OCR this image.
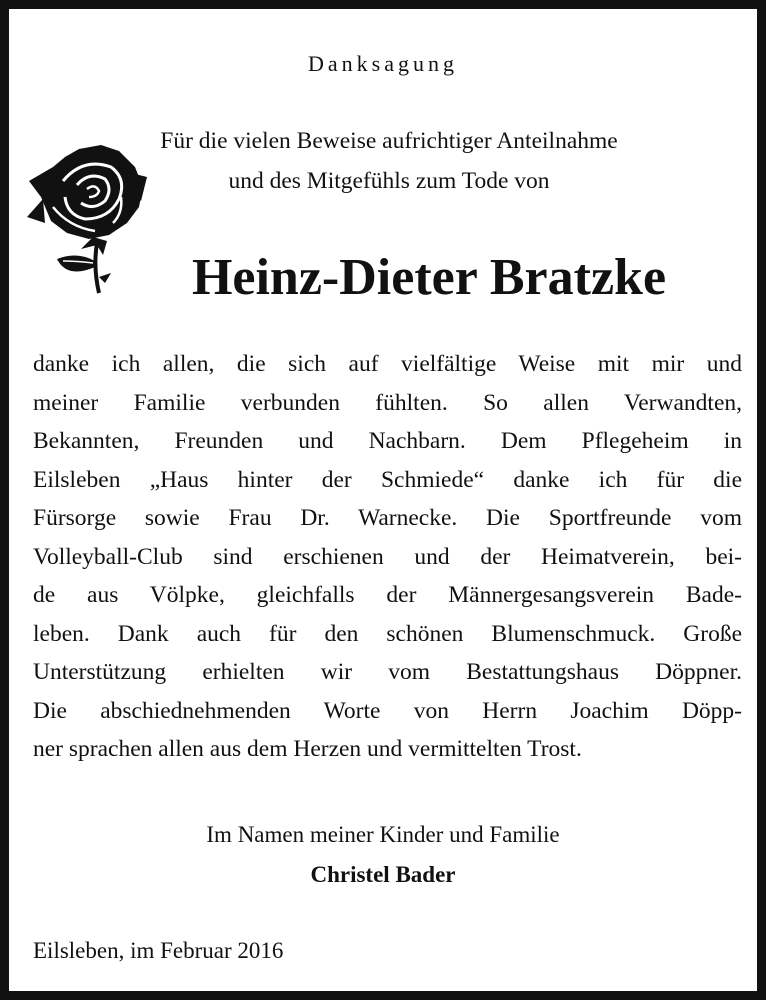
Danksagung
Für die vielen Beweise aufrichtiger Anteilnahme
und des Mitgefühls zum Tode von
Heinz-Dieter Bratzke
danke ich allen, die sich auf vielfältige Weise mit mir und
meiner Familie verbunden fühlten. So allen Verwandten,
Bekannten, Freunden und Nachbarn. Dem Pflegeheim in
Eilsleben „Haus hinter der Schmiede“ danke ich für die
Fürsorge sowie Frau Dr. Warnecke. Die Sportfreunde vom
Volleyball-Club sind erschienen und der Heimatverein, bei-
de aus Völpke, gleichfalls der Männergesangsverein Bade-
leben. Dank auch für den schönen Blumenschmuck. Große
Unterstützung erhielten wir vom Bestattungshaus Döppner.
Die abschiednehmenden Worte von Herrn Joachim Döpp-
ner sprachen allen aus dem Herzen und vermittelten Trost.
Im Namen meiner Kinder und Familie
Christel Bader
Eilsleben, im Februar 2016
